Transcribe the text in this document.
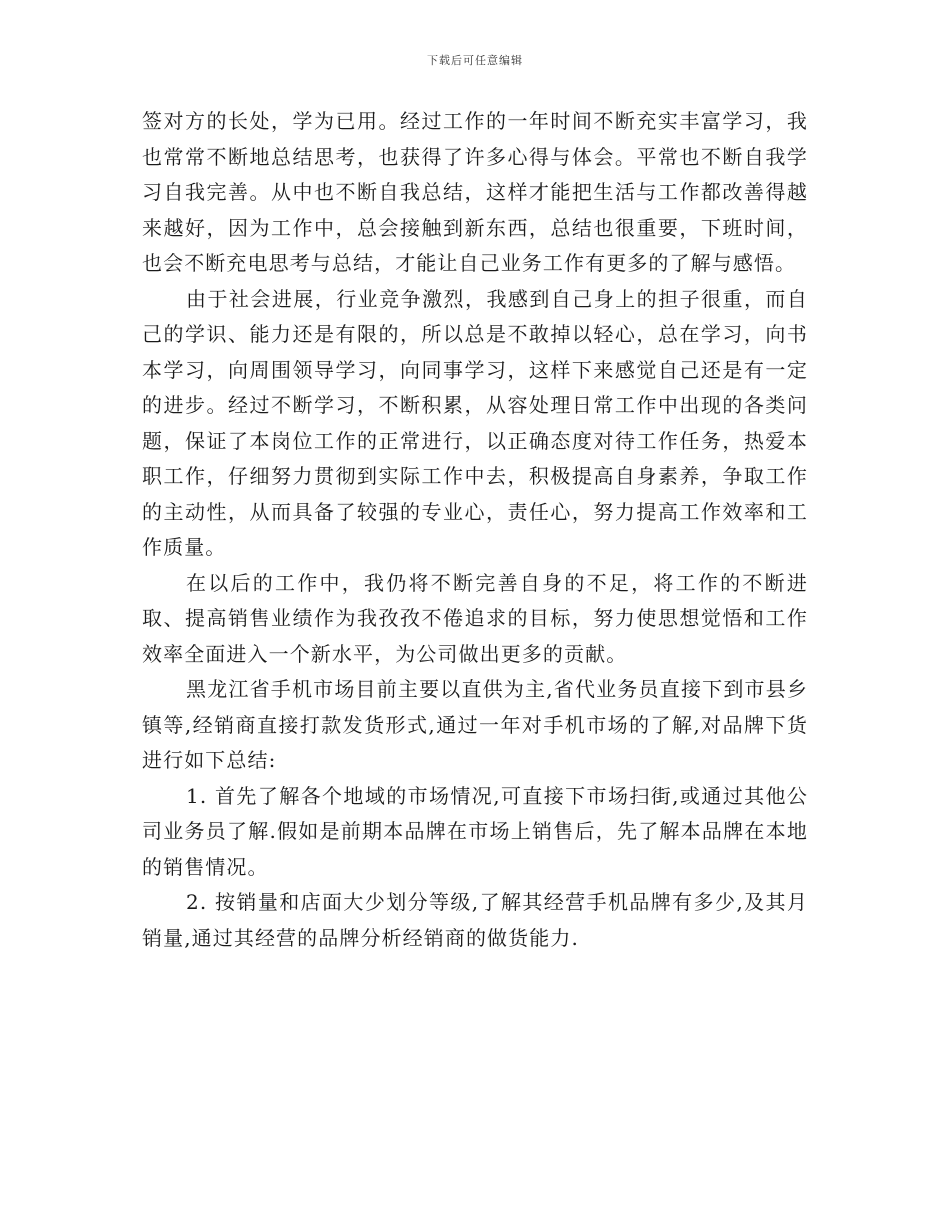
下载后可任意编辑

签对方的长处，学为已用。经过工作的一年时间不断充实丰富学习，我也常常不断地总结思考，也获得了许多心得与体会。平常也不断自我学习自我完善。从中也不断自我总结，这样才能把生活与工作都改善得越来越好，因为工作中，总会接触到新东西，总结也很重要，下班时间，也会不断充电思考与总结，才能让自己业务工作有更多的了解与感悟。

由于社会进展，行业竞争激烈，我感到自己身上的担子很重，而自己的学识、能力还是有限的，所以总是不敢掉以轻心，总在学习，向书本学习，向周围领导学习，向同事学习，这样下来感觉自己还是有一定的进步。经过不断学习，不断积累，从容处理日常工作中出现的各类问题，保证了本岗位工作的正常进行，以正确态度对待工作任务，热爱本职工作，仔细努力贯彻到实际工作中去，积极提高自身素养，争取工作的主动性，从而具备了较强的专业心，责任心，努力提高工作效率和工作质量。

在以后的工作中，我仍将不断完善自身的不足，将工作的不断进取、提高销售业绩作为我孜孜不倦追求的目标，努力使思想觉悟和工作效率全面进入一个新水平，为公司做出更多的贡献。

黑龙江省手机市场目前主要以直供为主,省代业务员直接下到市县乡镇等,经销商直接打款发货形式,通过一年对手机市场的了解,对品牌下货进行如下总结:

1. 首先了解各个地域的市场情况,可直接下市场扫街,或通过其他公司业务员了解.假如是前期本品牌在市场上销售后，先了解本品牌在本地的销售情况。

2. 按销量和店面大少划分等级,了解其经营手机品牌有多少,及其月销量,通过其经营的品牌分析经销商的做货能力.
